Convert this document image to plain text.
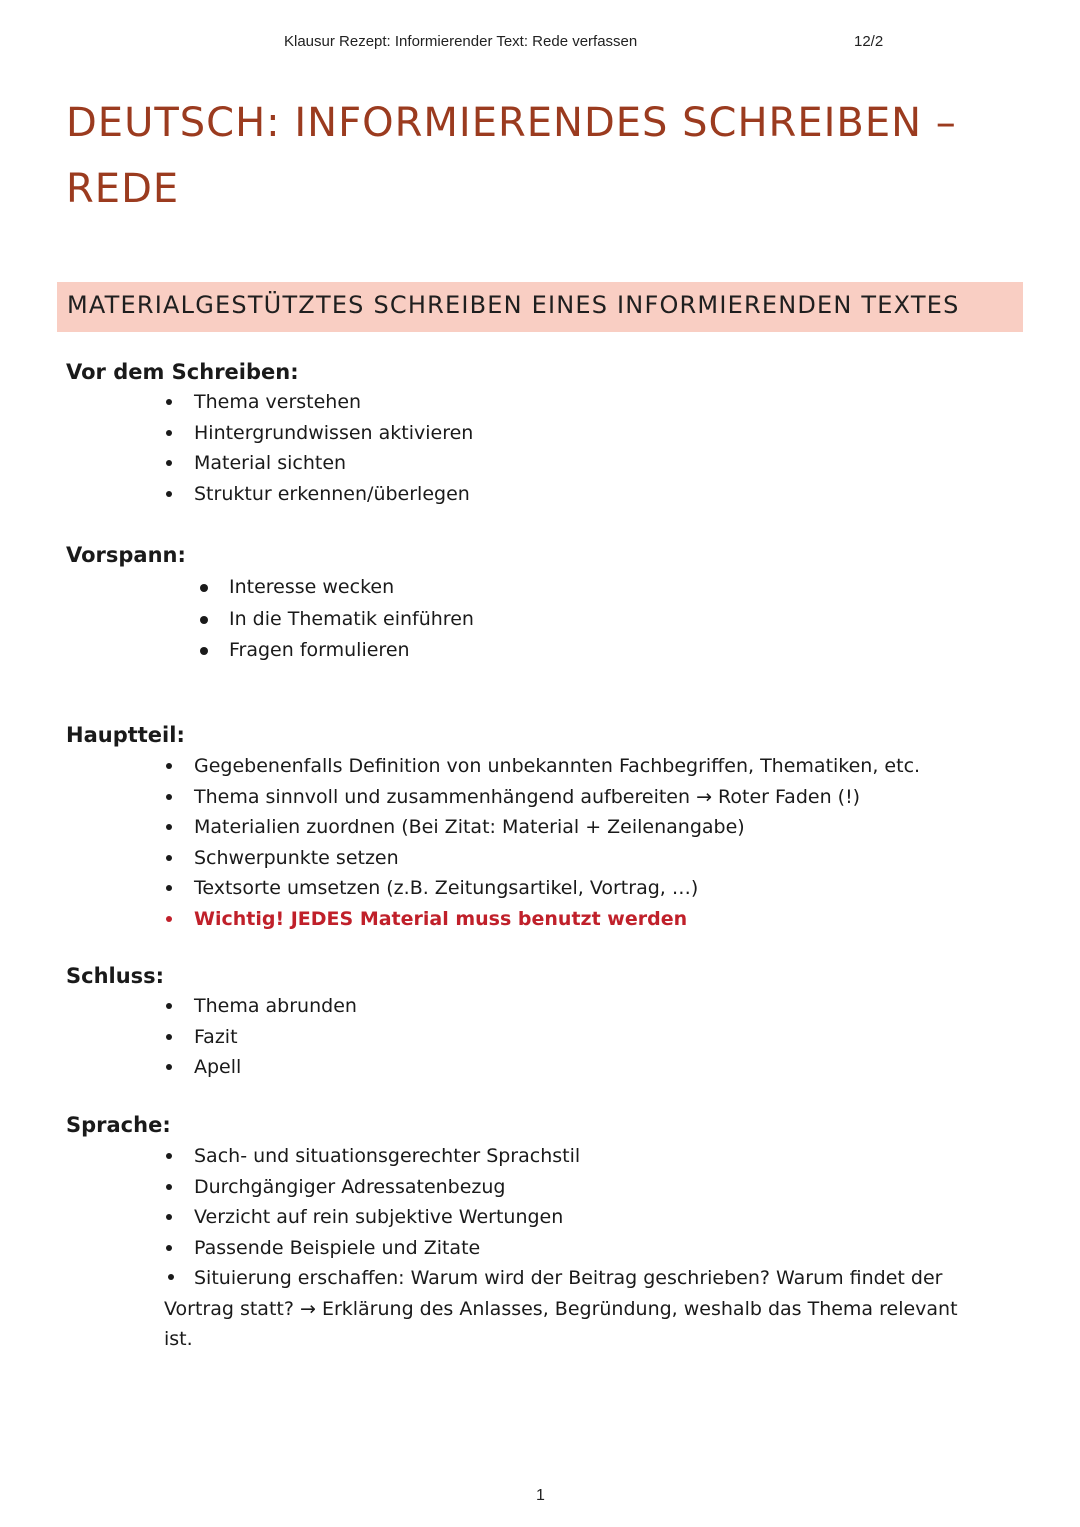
Klausur Rezept: Informierender Text: Rede verfassen	12/2
DEUTSCH: INFORMIERENDES SCHREIBEN –
REDE
MATERIALGESTÜTZTES SCHREIBEN EINES INFORMIERENDEN TEXTES
Vor dem Schreiben:
Thema verstehen
Hintergrundwissen aktivieren
Material sichten
Struktur erkennen/überlegen
Vorspann:
Interesse wecken
In die Thematik einführen
Fragen formulieren
Hauptteil:
Gegebenenfalls Definition von unbekannten Fachbegriffen, Thematiken, etc.
Thema sinnvoll und zusammenhängend aufbereiten → Roter Faden (!)
Materialien zuordnen (Bei Zitat: Material + Zeilenangabe)
Schwerpunkte setzen
Textsorte umsetzen (z.B. Zeitungsartikel, Vortrag, …)
Wichtig! JEDES Material muss benutzt werden
Schluss:
Thema abrunden
Fazit
Apell
Sprache:
Sach- und situationsgerechter Sprachstil
Durchgängiger Adressatenbezug
Verzicht auf rein subjektive Wertungen
Passende Beispiele und Zitate
Situierung erschaffen: Warum wird der Beitrag geschrieben? Warum findet der Vortrag statt? → Erklärung des Anlasses, Begründung, weshalb das Thema relevant ist.
1
